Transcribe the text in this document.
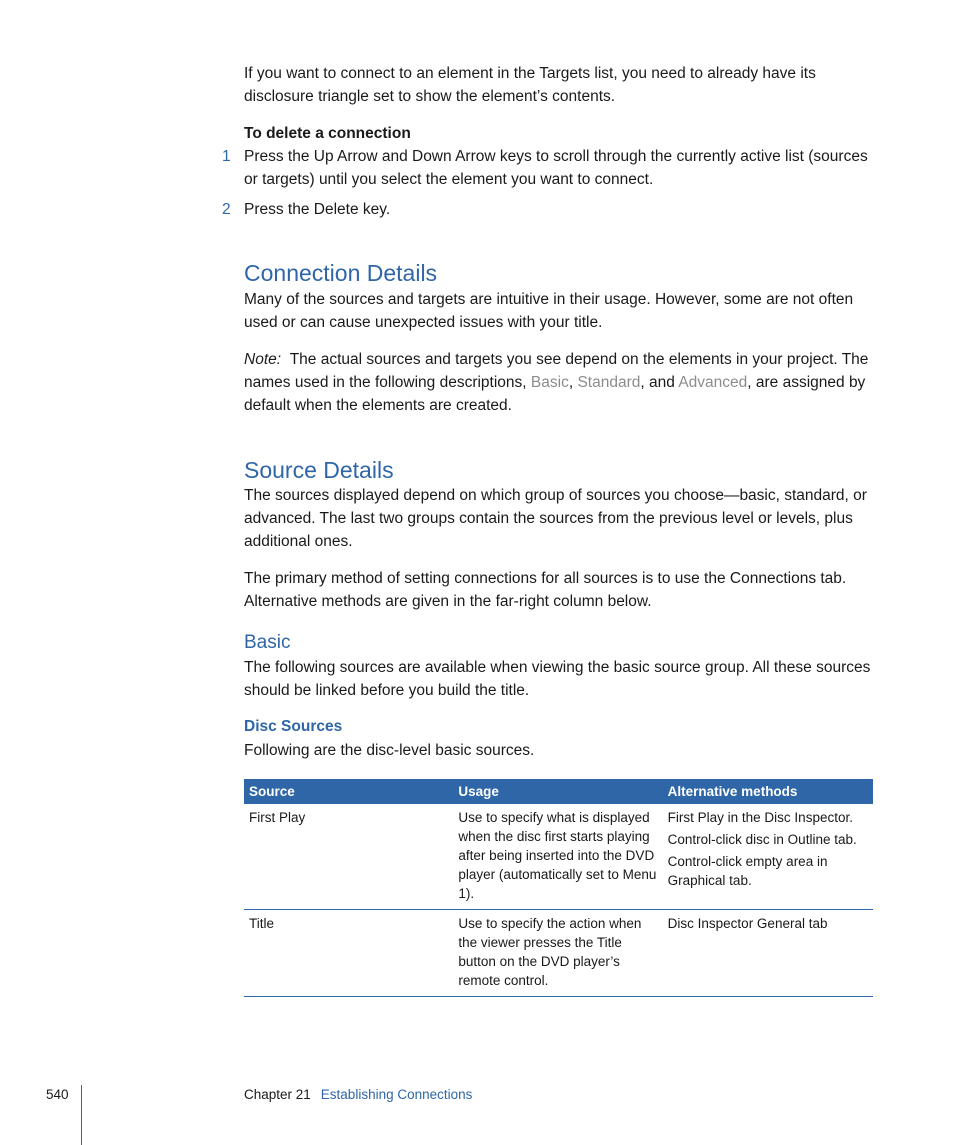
If you want to connect to an element in the Targets list, you need to already have its disclosure triangle set to show the element’s contents.
To delete a connection
1 Press the Up Arrow and Down Arrow keys to scroll through the currently active list (sources or targets) until you select the element you want to connect.
2 Press the Delete key.
Connection Details
Many of the sources and targets are intuitive in their usage. However, some are not often used or can cause unexpected issues with your title.
Note: The actual sources and targets you see depend on the elements in your project. The names used in the following descriptions, Basic, Standard, and Advanced, are assigned by default when the elements are created.
Source Details
The sources displayed depend on which group of sources you choose—basic, standard, or advanced. The last two groups contain the sources from the previous level or levels, plus additional ones.
The primary method of setting connections for all sources is to use the Connections tab. Alternative methods are given in the far-right column below.
Basic
The following sources are available when viewing the basic source group. All these sources should be linked before you build the title.
Disc Sources
Following are the disc-level basic sources.
Source	Usage	Alternative methods
First Play	Use to specify what is displayed when the disc first starts playing after being inserted into the DVD player (automatically set to Menu 1).	First Play in the Disc Inspector.
Control-click disc in Outline tab.
Control-click empty area in Graphical tab.

Title	Use to specify the action when the viewer presses the Title button on the DVD player’s remote control.	Disc Inspector General tab
540	Chapter 21 Establishing Connections
